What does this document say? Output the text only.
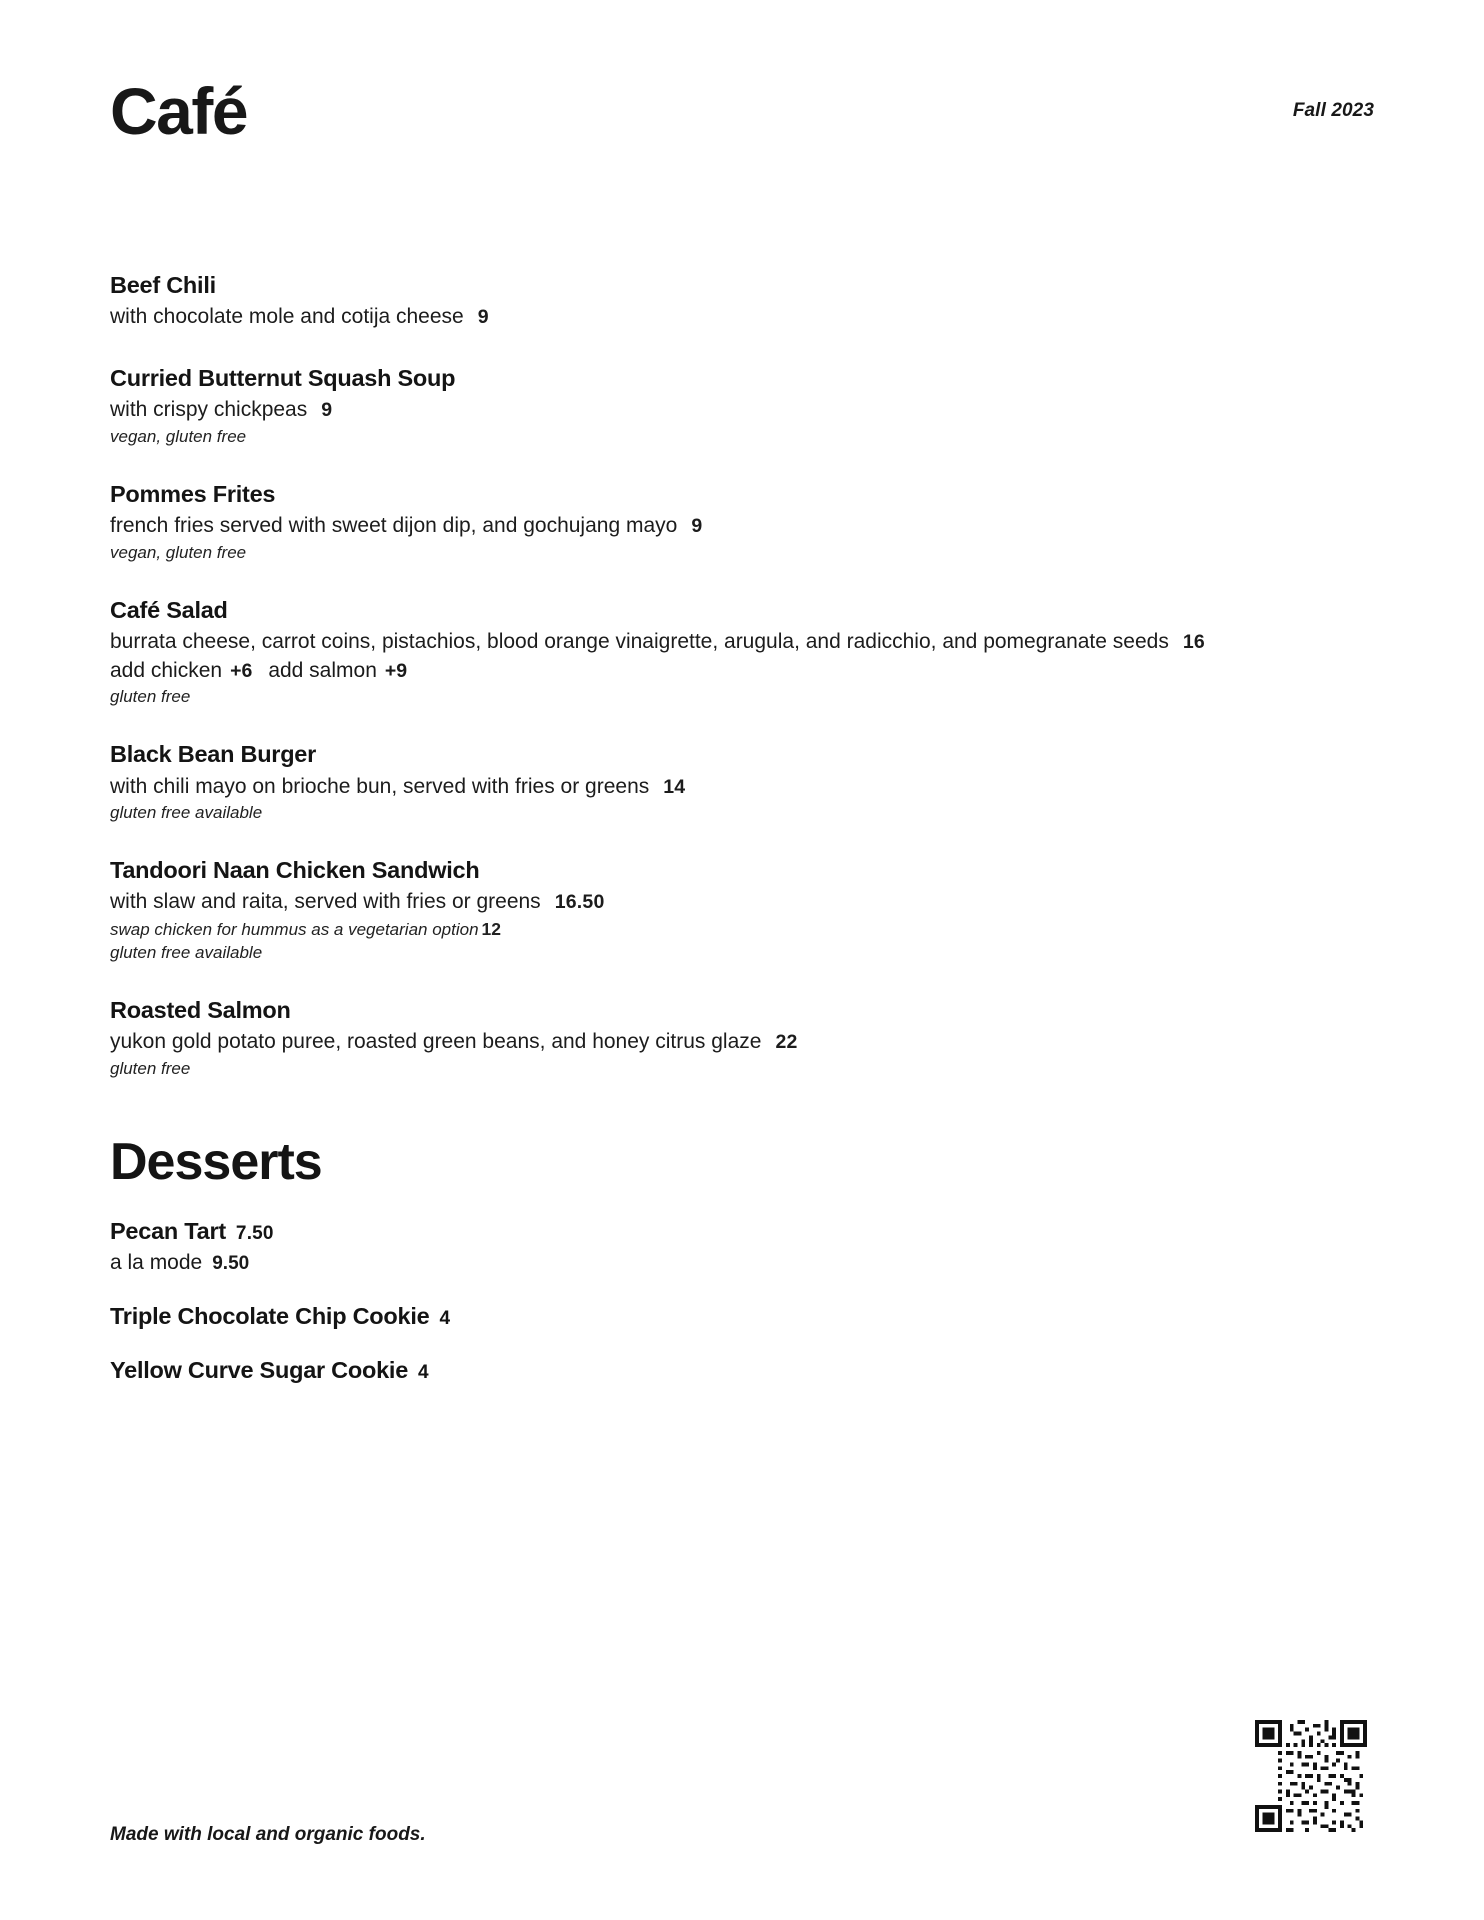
Café	Fall 2023

Beef Chili

with chocolate mole and cotija cheese 9

Curried Butternut Squash Soup

with crispy chickpeas 9

vegan, gluten free

Pommes Frites

french fries served with sweet dijon dip, and gochujang mayo 9

vegan, gluten free

Café Salad

burrata cheese, carrot coins, pistachios, blood orange vinaigrette, arugula, and radicchio, and pomegranate seeds 16

add chicken +6 add salmon +9

gluten free

Black Bean Burger

with chili mayo on brioche bun, served with fries or greens 14

gluten free available

Tandoori Naan Chicken Sandwich

with slaw and raita, served with fries or greens 16.50

swap chicken for hummus as a vegetarian option 12

gluten free available

Roasted Salmon

yukon gold potato puree, roasted green beans, and honey citrus glaze 22

gluten free

Desserts

Pecan Tart 7.50

a la mode 9.50

Triple Chocolate Chip Cookie 4

Yellow Curve Sugar Cookie 4

Made with local and organic foods.
